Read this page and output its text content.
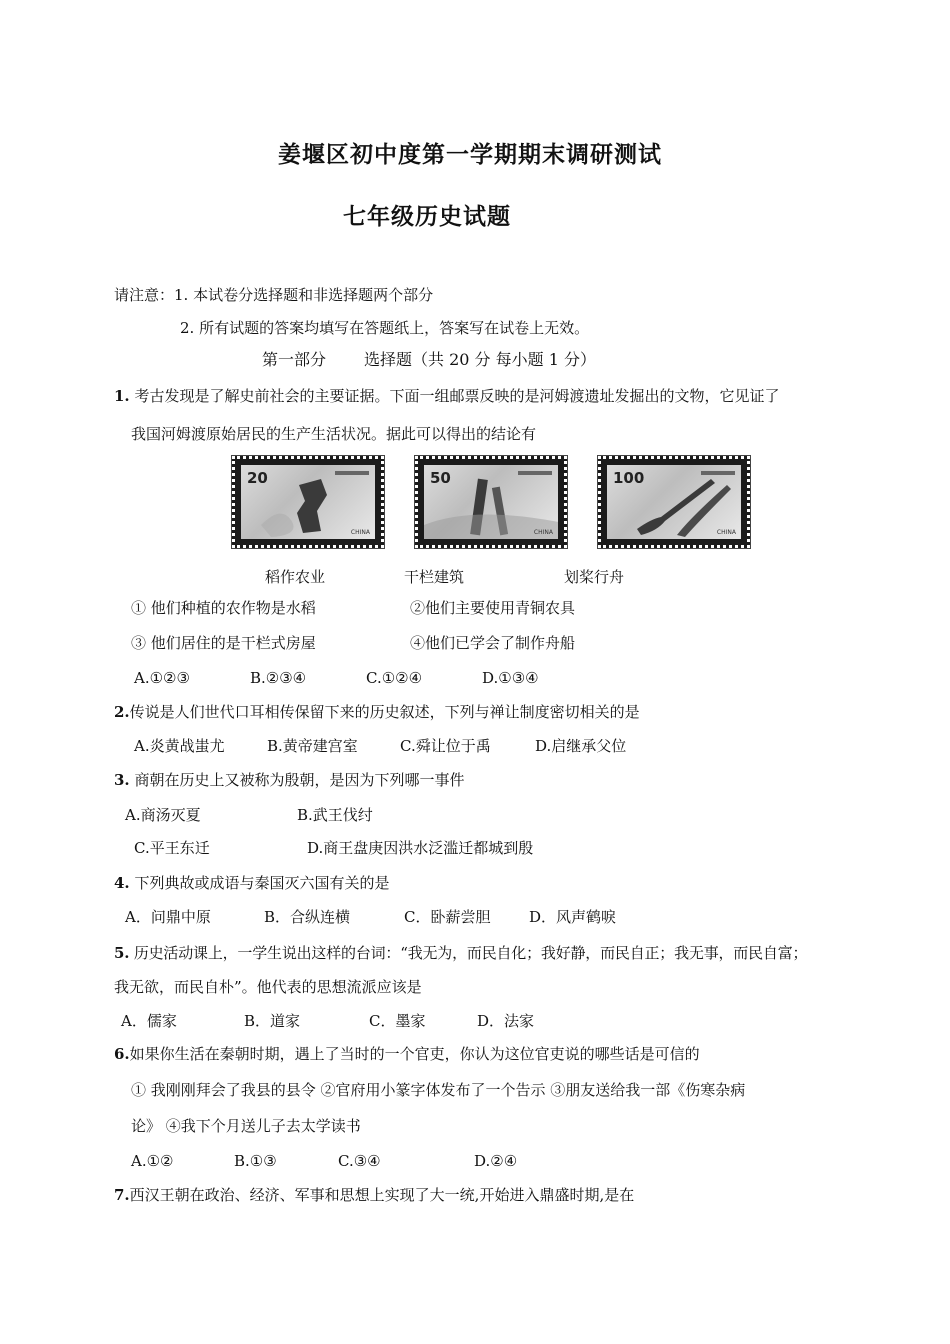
姜堰区初中度第一学期期末调研测试
七年级历史试题
请注意：1. 本试卷分选择题和非选择题两个部分
2. 所有试题的答案均填写在答题纸上，答案写在试卷上无效。
第一部分 选择题（共 20 分 每小题 1 分）
1. 考古发现是了解史前社会的主要证据。下面一组邮票反映的是河姆渡遗址发掘出的文物，它见证了
我国河姆渡原始居民的生产生活状况。据此可以得出的结论有
20
CHINA
50
CHINA
100
CHINA
稻作农业	干栏建筑	划桨行舟
① 他们种植的农作物是水稻	②他们主要使用青铜农具
③ 他们居住的是干栏式房屋	④他们已学会了制作舟船
A.①②③	B.②③④	C.①②④	D.①③④
2.传说是人们世代口耳相传保留下来的历史叙述，下列与禅让制度密切相关的是
A.炎黄战蚩尤	B.黄帝建宫室	C.舜让位于禹	D.启继承父位
3. 商朝在历史上又被称为殷朝，是因为下列哪一事件
A.商汤灭夏	B.武王伐纣
C.平王东迁	D.商王盘庚因洪水泛滥迁都城到殷
4. 下列典故或成语与秦国灭六国有关的是
A．问鼎中原	B．合纵连横	C．卧薪尝胆	D．风声鹤唳
5. 历史活动课上，一学生说出这样的台词：“我无为，而民自化；我好静，而民自正；我无事，而民自富；
我无欲，而民自朴”。他代表的思想流派应该是
A．儒家	B．道家	C．墨家	D．法家
6.如果你生活在秦朝时期，遇上了当时的一个官吏，你认为这位官吏说的哪些话是可信的
① 我刚刚拜会了我县的县令 ②官府用小篆字体发布了一个告示 ③朋友送给我一部《伤寒杂病
论》 ④我下个月送儿子去太学读书
A.①②	B.①③	C.③④	D.②④
7.西汉王朝在政治、经济、军事和思想上实现了大一统,开始进入鼎盛时期,是在
